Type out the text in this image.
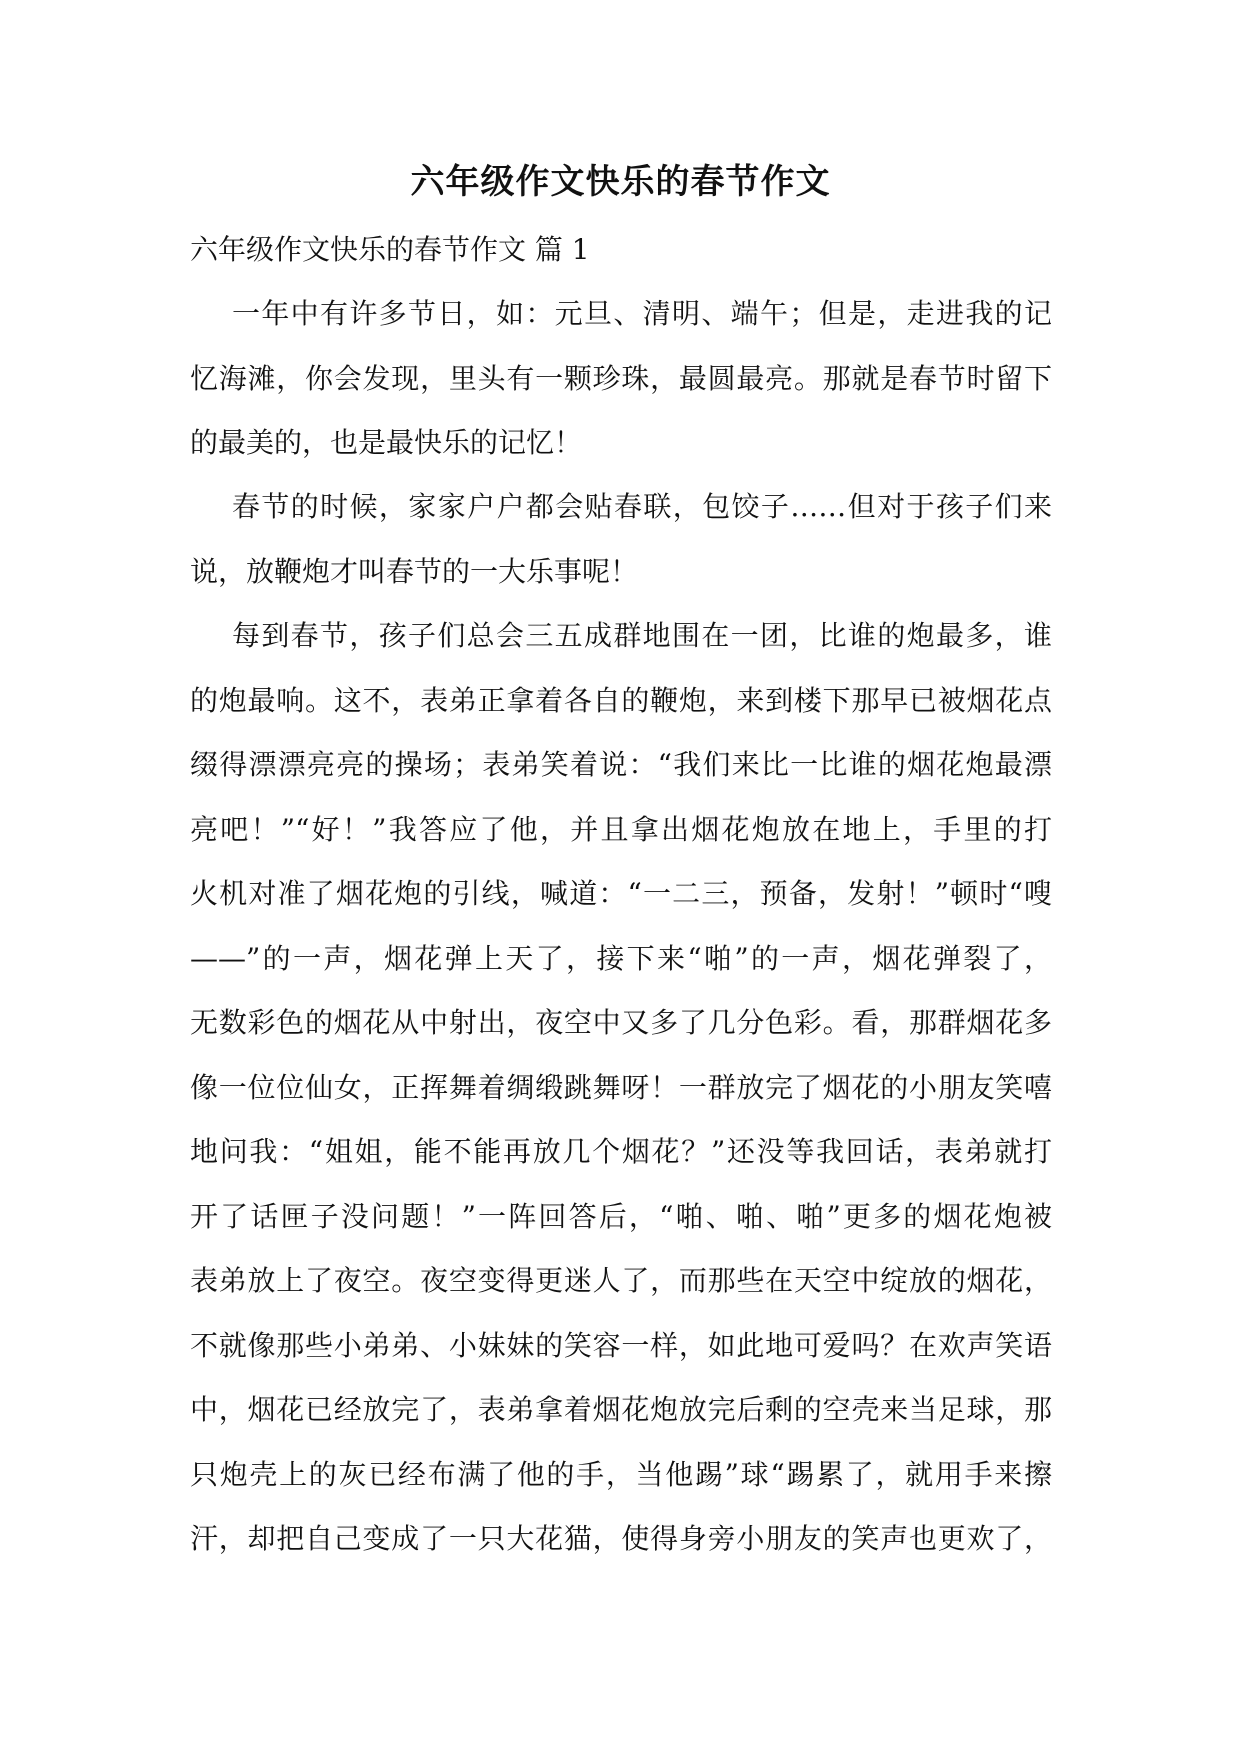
六年级作文快乐的春节作文
六年级作文快乐的春节作文 篇 1
一年中有许多节日，如：元旦、清明、端午；但是，走进我的记
忆海滩，你会发现，里头有一颗珍珠，最圆最亮。那就是春节时留下
的最美的，也是最快乐的记忆！
春节的时候，家家户户都会贴春联，包饺子……但对于孩子们来
说，放鞭炮才叫春节的一大乐事呢！
每到春节，孩子们总会三五成群地围在一团，比谁的炮最多，谁
的炮最响。这不，表弟正拿着各自的鞭炮，来到楼下那早已被烟花点
缀得漂漂亮亮的操场；表弟笑着说：“我们来比一比谁的烟花炮最漂
亮吧！”“好！”我答应了他，并且拿出烟花炮放在地上，手里的打
火机对准了烟花炮的引线，喊道：“一二三，预备，发射！”顿时“嗖
——”的一声，烟花弹上天了，接下来“啪”的一声，烟花弹裂了，
无数彩色的烟花从中射出，夜空中又多了几分色彩。看，那群烟花多
像一位位仙女，正挥舞着绸缎跳舞呀！一群放完了烟花的小朋友笑嘻
地问我：“姐姐，能不能再放几个烟花？”还没等我回话，表弟就打
开了话匣子没问题！”一阵回答后，“啪、啪、啪”更多的烟花炮被
表弟放上了夜空。夜空变得更迷人了，而那些在天空中绽放的烟花，
不就像那些小弟弟、小妹妹的笑容一样，如此地可爱吗？在欢声笑语
中，烟花已经放完了，表弟拿着烟花炮放完后剩的空壳来当足球，那
只炮壳上的灰已经布满了他的手，当他踢”球“踢累了，就用手来擦
汗，却把自己变成了一只大花猫，使得身旁小朋友的笑声也更欢了，
